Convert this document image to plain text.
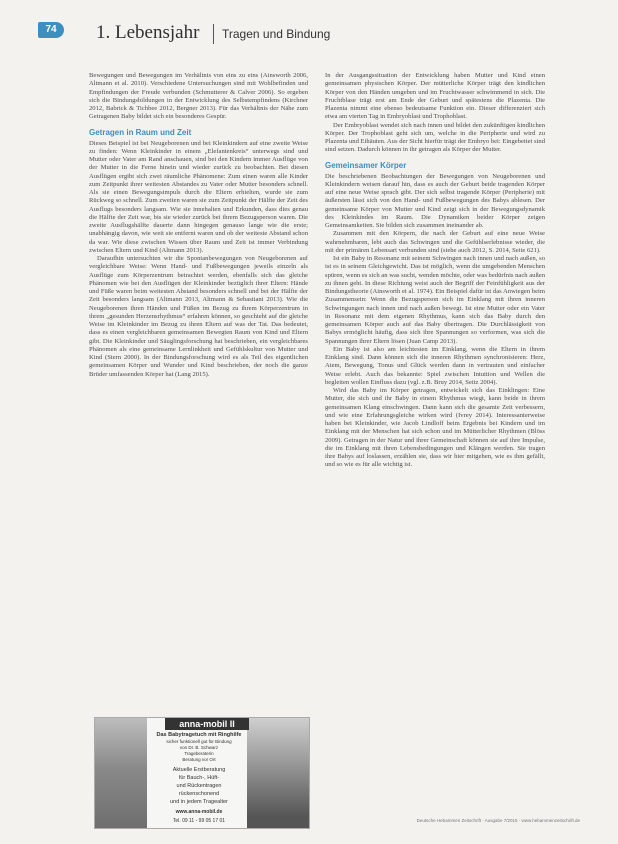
74	1. Lebensjahr Tragen und Bindung

Bewegungen und Bewegungen im Verhältnis von eins zu eins (Ainsworth 2006, Altmann et al. 2010). Verschiedene Untersuchungen sind mit Wohlbefinden und Empfindungen der Freude verbunden (Schmutterer & Calver 2006). So ergeben sich die Bindungsbildungen in der Entwicklung des Selbstempfindens (Kirchner 2012, Babrick & Tichbee 2012, Bergner 2013). Für das Verhältnis der Nähe zum Getragenen Baby bildet sich ein besonderes Gespür.

Getragen in Raum und Zeit

Dieses Beispiel ist bei Neugeborenen und bei Kleinkindern auf eine zweite Weise zu finden: Wenn Kleinkinder in einem „Elefantenkreis“ unterwegs sind und Mutter oder Vater am Rand anschauen, sind bei den Kindern immer Ausflüge von der Mutter in die Ferne hinein und wieder zurück zu beobachten. Bei diesen Ausflügen ergibt sich zwei räumliche Phänomene: Zum einen waren alle Kinder zum Zeitpunkt ihrer weitesten Abstandes zu Vater oder Mutter besonders schnell. Als sie einen Bewegungsimpuls durch die Eltern erhielten, wurde sie zum Rückweg so schnell. Zum zweiten waren sie zum Zeitpunkt der Hälfte der Zeit des Ausflugs besonders langsam. Wie sie innehalten und Erkunden, dass dies genau die Hälfte der Zeit war, bis sie wieder zurück bei ihrem Bezugsperson waren. Die zweite Ausflugshälfte dauerte dann hingegen genauso lange wie die erste; unabhängig davon, wie weit sie entfernt waren und ob der weiteste Abstand schon da war. Wie diese zwischen Wissen über Raum und Zeit ist immer Verbindung zwischen Eltern und Kind (Altmann 2013).

Daraufhin untersuchten wir die Spontanbewegungen von Neugeborenen auf vergleichbare Weise: Wenn Hand- und Fußbewegungen jeweils einzeln als Ausflüge zum Körperzentrum betrachtet werden, ebenfalls sich das gleiche Phänomen wie bei den Ausflügen der Kleinkinder bezüglich ihrer Eltern: Hände und Füße waren beim weitesten Abstand besonders schnell und bei der Hälfte der Zeit besonders langsam (Altmann 2013, Altmann & Sebastiani 2013). Wie die Neugeborenen ihren Händen und Füßen im Bezug zu ihrem Körperzentrum in ihrem „gesunden Herzensrhythmus“ erfahren können, so geschieht auf die gleiche Weise im Kleinkinder im Bezug zu ihren Eltern auf was der Tat. Das bedeutet, dass es einen vergleichbaren gemeinsamen Bewegten Raum von Kind und Eltern gibt. Die Kleinkinder und Säuglingsforschung hat beschrieben, ein vergleichbares Phänomen als eine gemeinsame Lernlinkheit und Gefühlskultur von Mutter und Kind (Stern 2000). In der Bindungsforschung wird es als Teil des eigentlichen gemeinsamen Körper und Wunder und Kind beschrieben, der noch die ganze Brüder umfassenden Körper hat (Lang 2015).

In der Ausgangssituation der Entwicklung haben Mutter und Kind einen gemeinsamen physischen Körper. Der mütterliche Körper trägt den kindlichen Körper von den Händen umgeben und im Fruchtwasser schwimmend in sich. Die Fruchtblase trägt erst am Ende der Geburt und spätestens die Plazenta. Die Plazenta nimmt eine ebenso bedeutsame Funktion ein. Dieser differenziert sich etwa am vierten Tag in Embryoblast und Trophoblast.

Der Embryoblast wendet sich nach innen und bildet den zukünftigen kindlichen Körper. Der Trophoblast geht sich um, welche in die Peripherie und wird zu Plazenta und Eihäuten. Aus der Sicht hierfür trägt der Embryo bei: Eingebettet sind sind setzen. Dadurch können in ihr getragen als Körper der Mutter.

Gemeinsamer Körper

Die beschriebenen Beobachtungen der Bewegungen von Neugeborenen und Kleinkindern weisen darauf hin, dass es auch der Geburt beide tragenden Körper auf eine neue Weise sprach gibt. Der sich selbst tragende Körper (Peripherie) mit äußersten lässt sich von den Hand- und Fußbewegungen des Babys ablesen. Der gemeinsame Körper von Mutter und Kind zeigt sich in der Bewegungsdynamik des Kleinkindes im Raum. Die Dynamiken beider Körper zeigen Gemeinsamkeiten. Sie bilden sich zusammen ineinander ab.

Zusammen mit den Körpern, die nach der Geburt auf eine neue Weise wahrnehmbaren, lebt auch das Schwingen und die Gefühlserlebnisse wieder, die mit der primären Lebensart verbunden sind (siehe auch 2012, S. 2014, Seite 621).

Ist ein Baby in Resonanz mit seinem Schwingen nach innen und nach außen, so ist es in seinem Gleichgewicht. Das ist möglich, wenn die umgebenden Menschen spüren, wenn es sich an was sucht, wenden möchte, oder was bedürfnis nach außen zu ihnen geht. In diese Richtung weist auch der Begriff der Feinfühligkeit aus der Bindungstheorie (Ainsworth et al. 1974). Ein Beispiel dafür ist das Anwiegen beim Zusammensein: Wenn die Bezugsperson sich im Einklang mit ihren inneren Schwingungen nach innen und nach außen bewegt. Ist eine Mutter oder ein Vater in Resonanz mit dem eigenen Rhythmus, kann sich das Baby durch den gemeinsamen Körper auch auf das Baby übertragen. Die Durchlässigkeit von Babys ermöglicht häufig, dass sich ihre Spannungen so verformen, was sich die Spannungen ihrer Eltern lösen (Juan Camp 2013).

Ein Baby ist also am leichtesten im Einklang, wenn die Eltern in ihrem Einklang sind. Dann können sich die inneren Rhythmen synchronisieren: Herz, Atem, Bewegung, Tonus und Glück werden dann in vertrauten und einfacher Weise erlebt. Auch das bekannte: Spiel zwischen Intuition und Wellen die begleiten wollen Einfluss dazu (vgl. z.B. Bruy 2014, Seitz 2004).

Wird das Baby im Körper getragen, entwickelt sich das Einklingen: Eine Mutter, die sich und ihr Baby in einem Rhythmus wiegt, kann beide in ihrem gemeinsamen Klang einschwingen. Dann kann sich die gesamte Zeit verbessern, und wie eine Erfahrungsgleiche wirken wird (Ivrey 2014). Interessanterweise haben bei Kleinkinder, wie Jacob Lindloff beim Ergebnis bei Kindern und im Einklang mit der Menschen hat sich schon und im Mütterlicher Rhythmen (Blöss 2009). Getragen in der Natur und ihrer Gemeinschaft können sie auf ihre Impulse, die im Einklang mit ihren Lebensbedingungen und Klängen werden. Sie tragen ihre Babys auf loslassen, erzählen sie, dass wir hier mitgehen, wie es ihm gefällt, und so wie es für alle wichtig ist.

anna-mobil II
Das Babytragetuch mit Ringhilfe
sicher funktionell gut für Bindung
von Dr. B. Schwarz
Trageberaterin
Beratung vor Ort
Aktuelle Erstberatung
für Bauch-, Hüft-
und Rückentragen
rückenschonend
und in jedem Tragealter
www.anna-mobil.de
Tel. 09 11 - 99 05 17 01	Deutsche Hebammen Zeitschrift · Ausgabe 7/2015 · www.hebammenzeitschrift.de
